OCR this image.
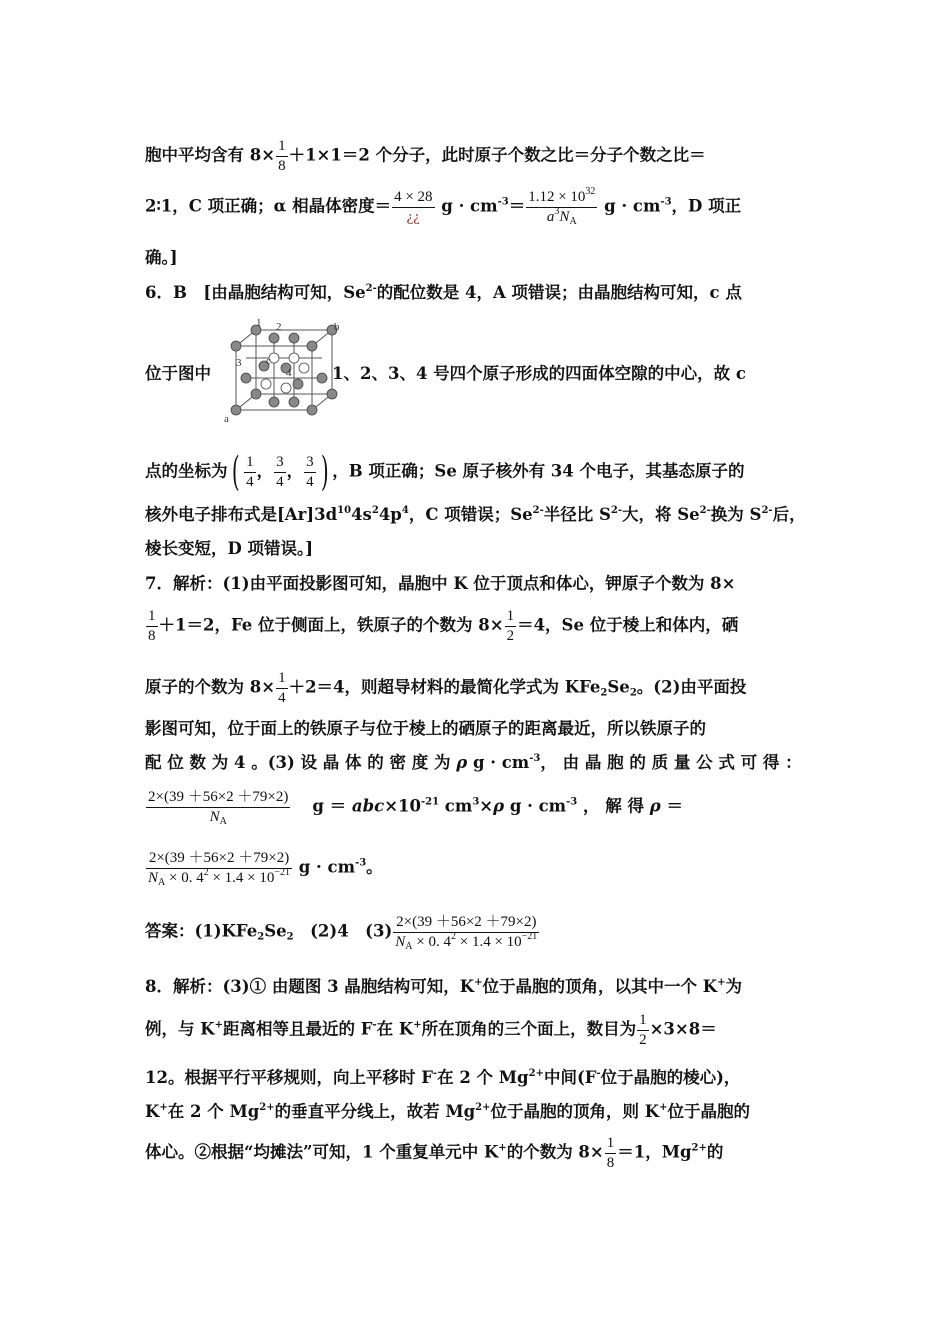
胞中平均含有 $8\times \frac{1}{8} +1\times 1=2$ 个分子，此时原子个数之比＝分子个数之比＝
2∶1，C 项正确；α 相晶体密度＝ $\frac{4 \times 28}{¿¿}$ $g \cdot cm^{-3}= \frac{1.12 \times 10^{32}}{a^3N_A}$ $g \cdot cm^{-3}$，D 项正
确。]
6．B　[由晶胞结构可知，$Se^{2-}$的配位数是 4，A 项错误；由晶胞结构可知，c 点
位于图中	1、2、3、4 号四个原子形成的四面体空隙的中心，故 c
a
b
c
1 2
3
4
点的坐标为( $\frac{1}{4}$ ， $\frac{3}{4}$ ， $\frac{3}{4}$ ) ，B 项正确；Se 原子核外有 34 个电子，其基态原子的
核外电子排布式是$[Ar]3d^{10}4s^24p^4$，C 项错误；$Se^{2-}$半径比 $S^{2-}$大，将 $Se^{2-}$换为 $S^{2-}$后，
棱长变短，D 项错误。]
7．解析：(1)由平面投影图可知，晶胞中 K 位于顶点和体心，钾原子个数为 8×
$\frac{1}{8} +1=2$，Fe 位于侧面上，铁原子的个数为 $8\times \frac{1}{2} =4$，Se 位于棱上和体内，硒
原子的个数为 $8\times \frac{1}{4} +2=4$，则超导材料的最简化学式为 $KFe_2Se_2$。(2)由平面投
影图可知，位于面上的铁原子与位于棱上的硒原子的距离最近，所以铁原子的
配 位 数 为 4 。(3) 设 晶 体 的 密 度 为 ρ $g \cdot cm^{-3}$， 由 晶 胞 的 质 量 公 式 可 得 ：
$\frac{2\times(39 +56\times 2 +79\times 2)}{N_A}$ $g = abc\times 10^{-21}$ $cm^3\times\rho$ $g \cdot cm^{-3}$ ， 解 得 ρ ＝
$\frac{2\times(39 +56\times 2 +79\times 2)}{N_A \times 0. 4^2 \times 1.4 \times 10^{-21}}$ $g \cdot cm^{-3}$。
答案：$(1)KFe_2Se_2$　(2)4　$(3) \frac{2\times(39 +56\times 2 +79\times 2)}{N_A \times 0. 4^2 \times 1.4 \times 10^{-21}}$
8．解析：(3)① 由题图 3 晶胞结构可知，K+位于晶胞的顶角，以其中一个 K+为
例，与 K+距离相等且最近的 F-在 K+所在顶角的三个面上，数目为 $\frac{1}{2} \times 3\times 8=$
12。根据平行平移规则，向上平移时 F-在 2 个 $Mg^{2+}$中间(F-位于晶胞的棱心)，
K+在 2 个 $Mg^{2+}$的垂直平分线上，故若 $Mg^{2+}$位于晶胞的顶角，则 K+位于晶胞的
体心。②根据“均摊法”可知，1 个重复单元中 K+的个数为 $8\times \frac{1}{8} =1$，$Mg^{2+}$的
